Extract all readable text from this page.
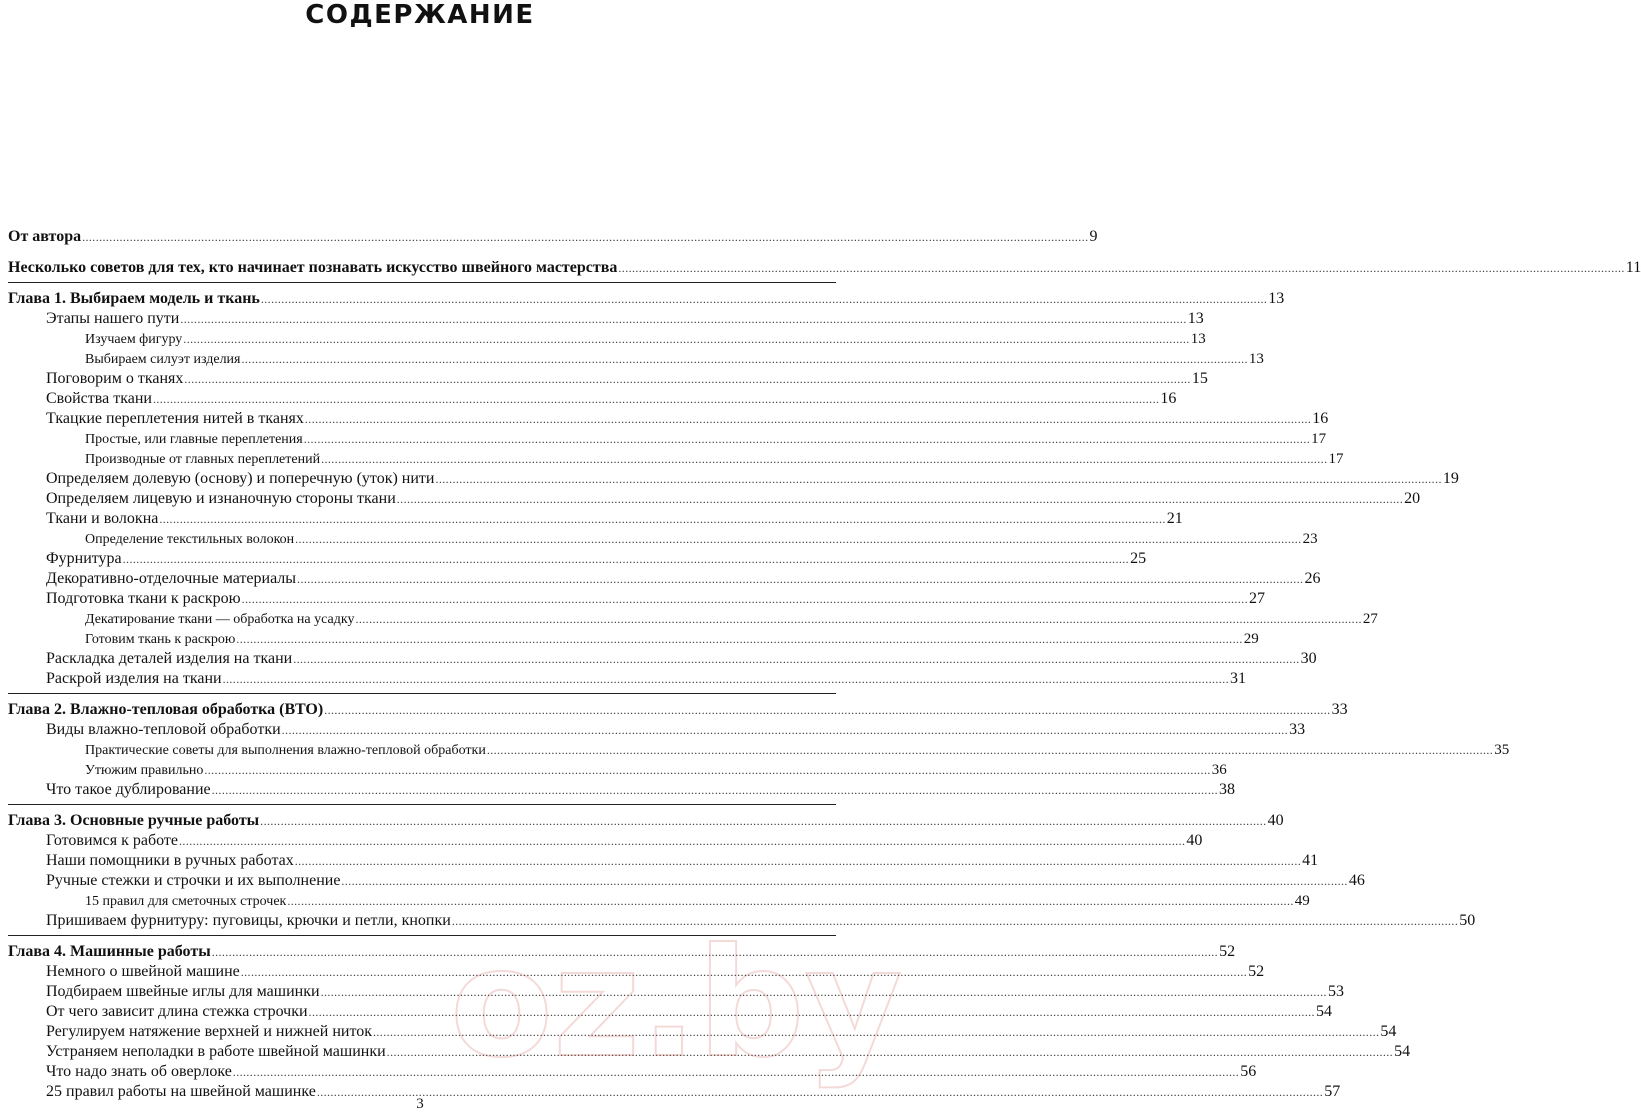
СОДЕРЖАНИЕ
От автора .....	9
Несколько советов для тех, кто начинает познавать искусство швейного мастерства .....	11
Глава 1. Выбираем модель и ткань .....	13
Этапы нашего пути .....	13
Изучаем фигуру .....	13
Выбираем силуэт изделия .....	13
Поговорим о тканях .....	15
Свойства ткани .....	16
Ткацкие переплетения нитей в тканях .....	16
Простые, или главные переплетения .....	17
Производные от главных переплетений .....	17
Определяем долевую (основу) и поперечную (уток) нити .....	19
Определяем лицевую и изнаночную стороны ткани .....	20
Ткани и волокна .....	21
Определение текстильных волокон .....	23
Фурнитура .....	25
Декоративно-отделочные материалы .....	26
Подготовка ткани к раскрою .....	27
Декатирование ткани — обработка на усадку .....	27
Готовим ткань к раскрою .....	29
Раскладка деталей изделия на ткани .....	30
Раскрой изделия на ткани .....	31
Глава 2. Влажно-тепловая обработка (ВТО) .....	33
Виды влажно-тепловой обработки .....	33
Практические советы для выполнения влажно-тепловой обработки .....	35
Утюжим правильно .....	36
Что такое дублирование .....	38
Глава 3. Основные ручные работы .....	40
Готовимся к работе .....	40
Наши помощники в ручных работах .....	41
Ручные стежки и строчки и их выполнение .....	46
15 правил для сметочных строчек .....	49
Пришиваем фурнитуру: пуговицы, крючки и петли, кнопки .....	50
Глава 4. Машинные работы .....	52
Немного о швейной машине .....	52
Подбираем швейные иглы для машинки .....	53
От чего зависит длина стежка строчки .....	54
Регулируем натяжение верхней и нижней ниток .....	54
Устраняем неполадки в работе швейной машинки .....	54
Что надо знать об оверлоке .....	56
25 правил работы на швейной машинке .....	57
3
oz.by
